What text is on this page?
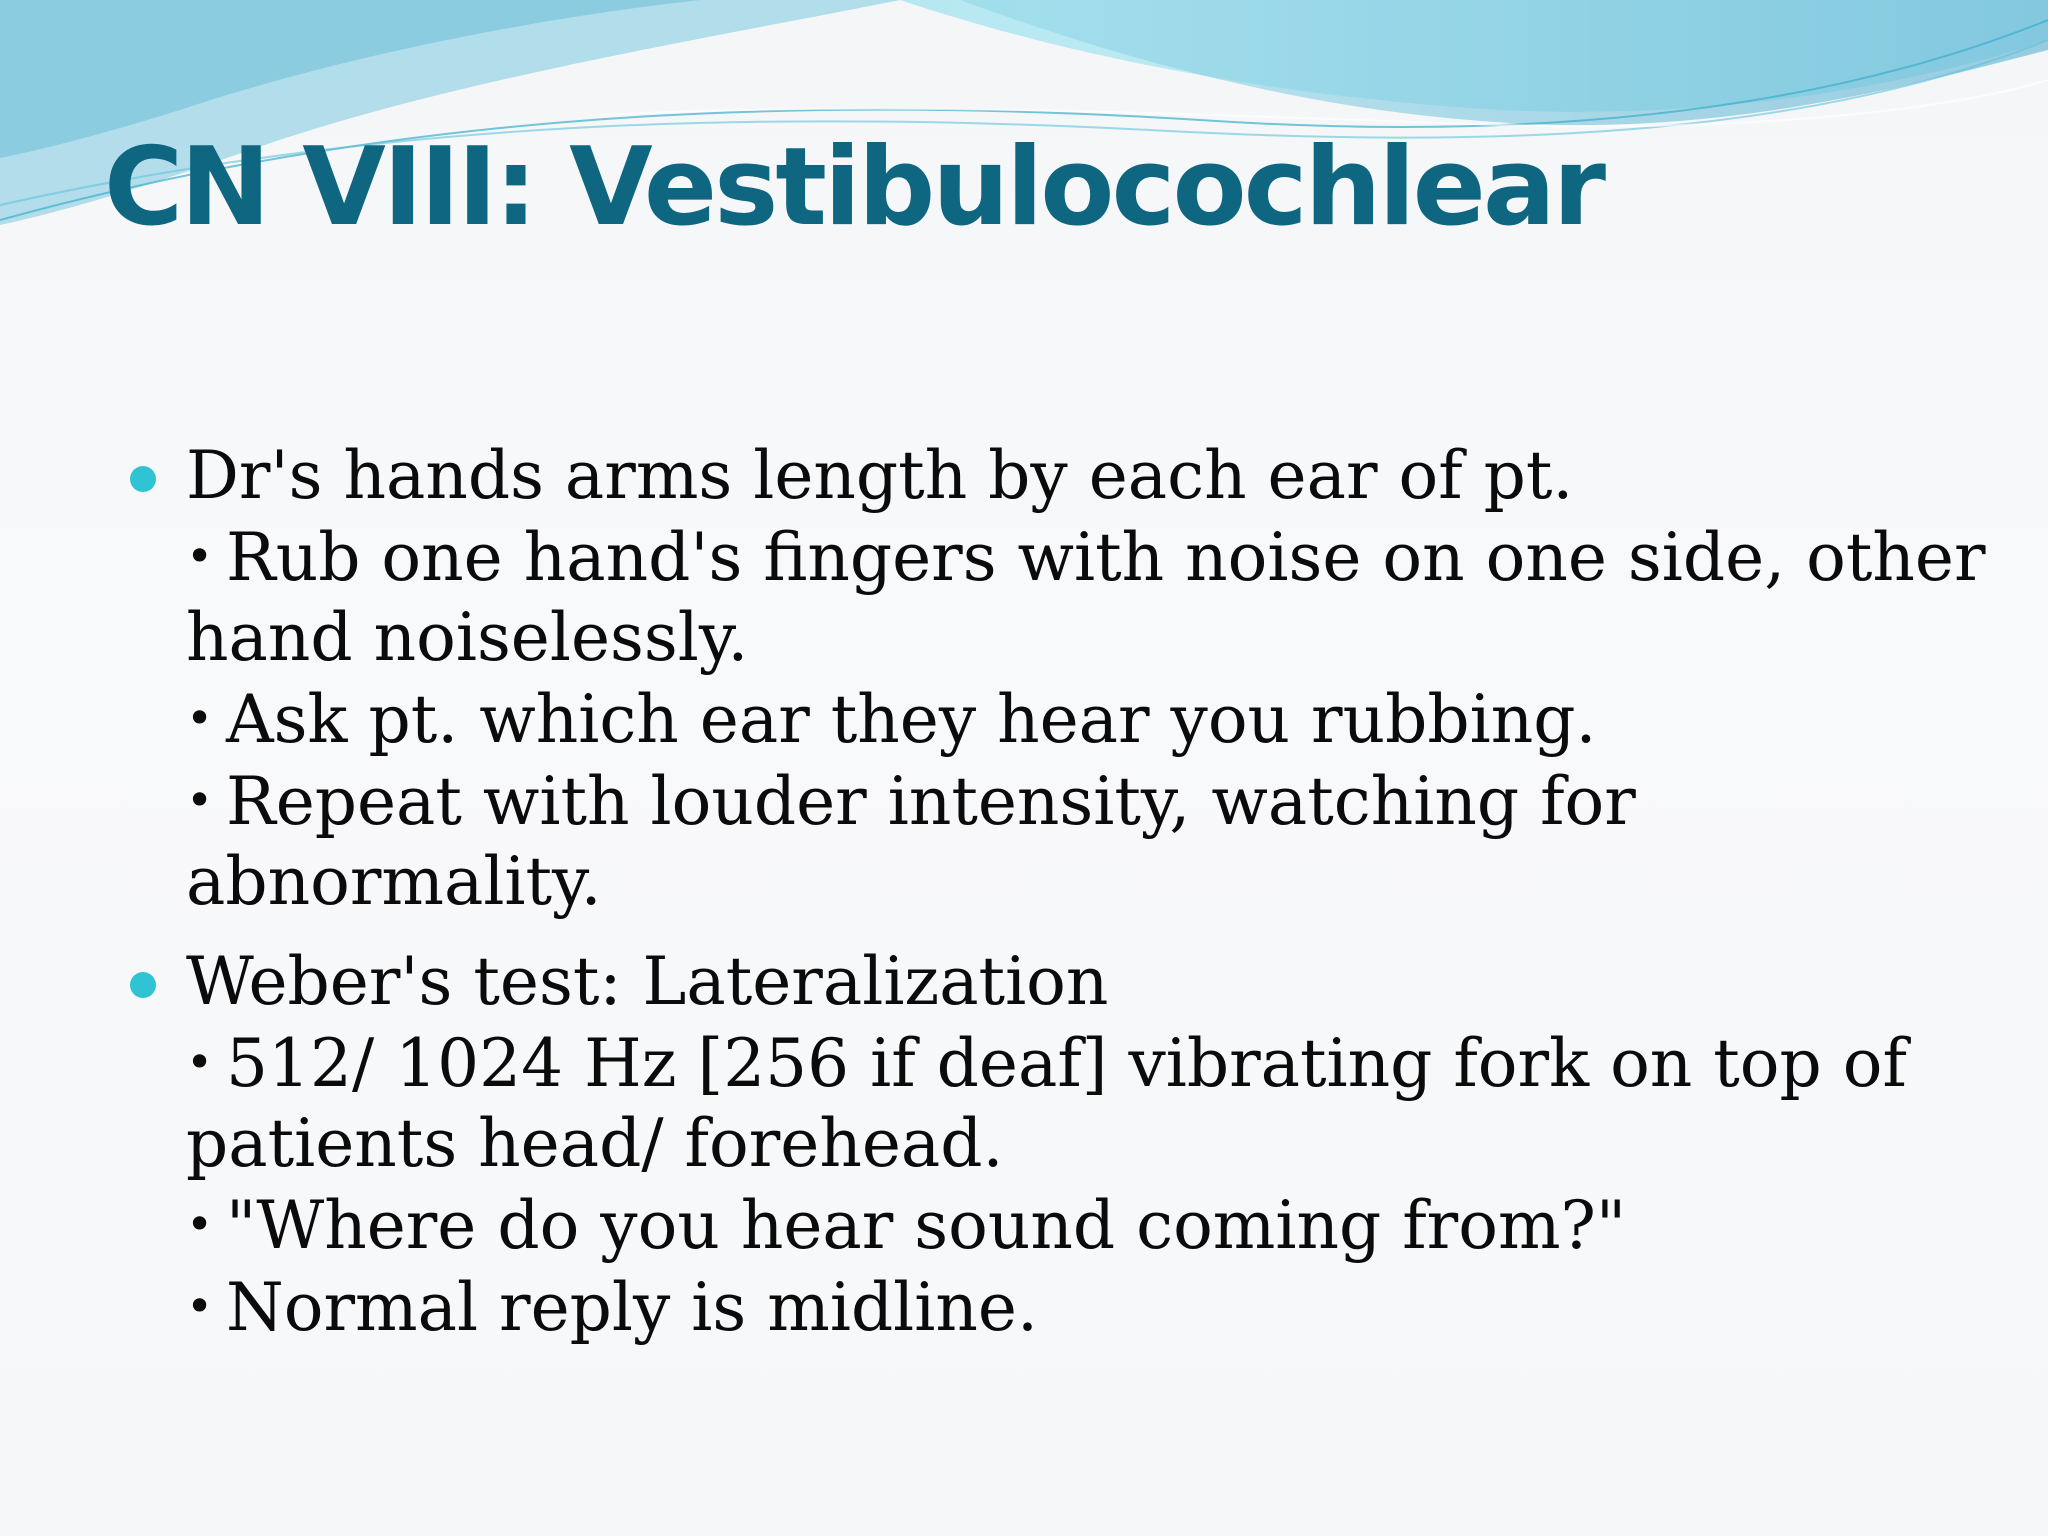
CN VIII: Vestibulocochlear
Dr's hands arms length by each ear of pt.
• Rub one hand's fingers with noise on one side, other
hand noiselessly.
• Ask pt. which ear they hear you rubbing.
• Repeat with louder intensity, watching for
abnormality.
Weber's test: Lateralization
• 512/ 1024 Hz [256 if deaf] vibrating fork on top of
patients head/ forehead.
• "Where do you hear sound coming from?"
• Normal reply is midline.
